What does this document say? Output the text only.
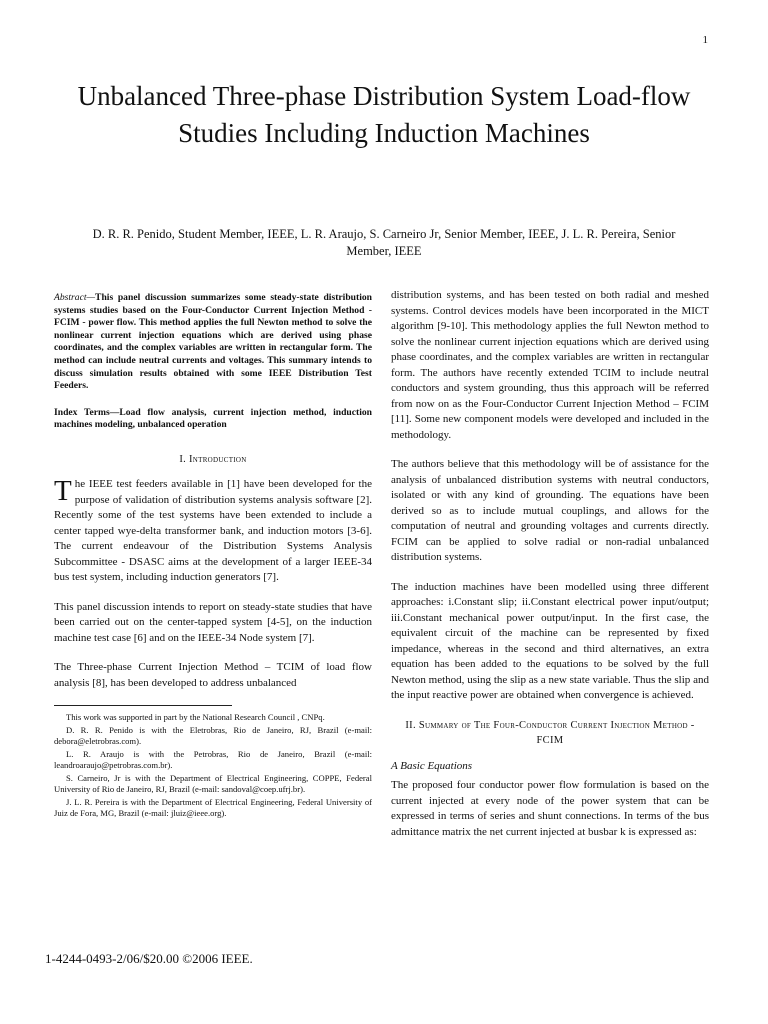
1
Unbalanced Three-phase Distribution System Load-flow Studies Including Induction Machines
D. R. R. Penido, Student Member, IEEE, L. R. Araujo, S. Carneiro Jr, Senior Member, IEEE, J. L. R. Pereira, Senior Member, IEEE

Abstract—This panel discussion summarizes some steady-state distribution systems studies based on the Four-Conductor Current Injection Method - FCIM - power flow. This method applies the full Newton method to solve the nonlinear current injection equations which are derived using phase coordinates, and the complex variables are written in rectangular form. The method can include neutral currents and voltages. This summary intends to discuss simulation results obtained with some IEEE Distribution Test Feeders.

Index Terms—Load flow analysis, current injection method, induction machines modeling, unbalanced operation

I. Introduction

The IEEE test feeders available in [1] have been developed for the purpose of validation of distribution systems analysis software [2]. Recently some of the test systems have been extended to include a center tapped wye-delta transformer bank, and induction motors [3-6]. The current endeavour of the Distribution Systems Analysis Subcommittee - DSASC aims at the development of a larger IEEE-34 bus test system, including induction generators [7].

This panel discussion intends to report on steady-state studies that have been carried out on the center-tapped system [4-5], on the induction machine test case [6] and on the IEEE-34 Node system [7].

The Three-phase Current Injection Method – TCIM of load flow analysis [8], has been developed to address unbalanced

This work was supported in part by the National Research Council , CNPq.

D. R. R. Penido is with the Eletrobras, Rio de Janeiro, RJ, Brazil (e-mail: debora@eletrobras.com).

L. R. Araujo is with the Petrobras, Rio de Janeiro, Brazil (e-mail: leandroaraujo@petrobras.com.br).

S. Carneiro, Jr is with the Department of Electrical Engineering, COPPE, Federal University of Rio de Janeiro, RJ, Brazil (e-mail: sandoval@coep.ufrj.br).

J. L. R. Pereira is with the Department of Electrical Engineering, Federal University of Juiz de Fora, MG, Brazil (e-mail: jluiz@ieee.org).

distribution systems, and has been tested on both radial and meshed systems. Control devices models have been incorporated in the MICT algorithm [9-10]. This methodology applies the full Newton method to solve the nonlinear current injection equations which are derived using phase coordinates, and the complex variables are written in rectangular form. The authors have recently extended TCIM to include neutral conductors and system grounding, thus this approach will be referred from now on as the Four-Conductor Current Injection Method – FCIM [11]. Some new component models were developed and included in the methodology.

The authors believe that this methodology will be of assistance for the analysis of unbalanced distribution systems with neutral conductors, isolated or with any kind of grounding. The equations have been derived so as to include mutual couplings, and allows for the computation of neutral and grounding voltages and currents directly. FCIM can be applied to solve radial or non-radial unbalanced distribution systems.

The induction machines have been modelled using three different approaches: i.Constant slip; ii.Constant electrical power input/output; iii.Constant mechanical power output/input. In the first case, the equivalent circuit of the machine can be represented by fixed impedance, whereas in the second and third alternatives, an extra equation has been added to the equations to be solved by the full Newton method, using the slip as a new state variable. Thus the slip and the input reactive power are obtained when convergence is achieved.

II. Summary of The Four-Conductor Current Injection Method - FCIM
A Basic Equations

The proposed four conductor power flow formulation is based on the current injected at every node of the power system that can be expressed in terms of series and shunt connections. In terms of the bus admittance matrix the net current injected at busbar k is expressed as:

1-4244-0493-2/06/$20.00 ©2006 IEEE.
